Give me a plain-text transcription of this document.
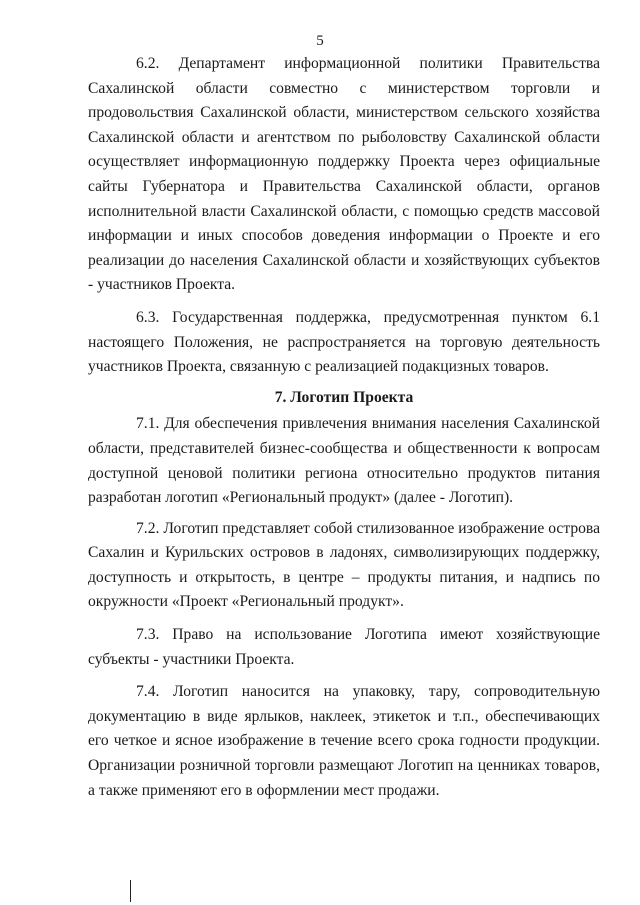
5

6.2. Департамент информационной политики Правительства Сахалинской области совместно с министерством торговли и продовольствия Сахалинской области, министерством сельского хозяйства Сахалинской области и агентством по рыболовству Сахалинской области осуществляет информационную поддержку Проекта через официальные сайты Губернатора и Правительства Сахалинской области, органов исполнительной власти Сахалинской области, с помощью средств массовой информации и иных способов доведения информации о Проекте и его реализации до населения Сахалинской области и хозяйствующих субъектов - участников Проекта.

6.3. Государственная поддержка, предусмотренная пунктом 6.1 настоящего Положения, не распространяется на торговую деятельность участников Проекта, связанную с реализацией подакцизных товаров.

7. Логотип Проекта

7.1. Для обеспечения привлечения внимания населения Сахалинской области, представителей бизнес-сообщества и общественности к вопросам доступной ценовой политики региона относительно продуктов питания разработан логотип «Региональный продукт» (далее - Логотип).

7.2. Логотип представляет собой стилизованное изображение острова Сахалин и Курильских островов в ладонях, символизирующих поддержку, доступность и открытость, в центре – продукты питания, и надпись по окружности «Проект «Региональный продукт».

7.3. Право на использование Логотипа имеют хозяйствующие субъекты - участники Проекта.

7.4. Логотип наносится на упаковку, тару, сопроводительную документацию в виде ярлыков, наклеек, этикеток и т.п., обеспечивающих его четкое и ясное изображение в течение всего срока годности продукции. Организации розничной торговли размещают Логотип на ценниках товаров, а также применяют его в оформлении мест продажи.
